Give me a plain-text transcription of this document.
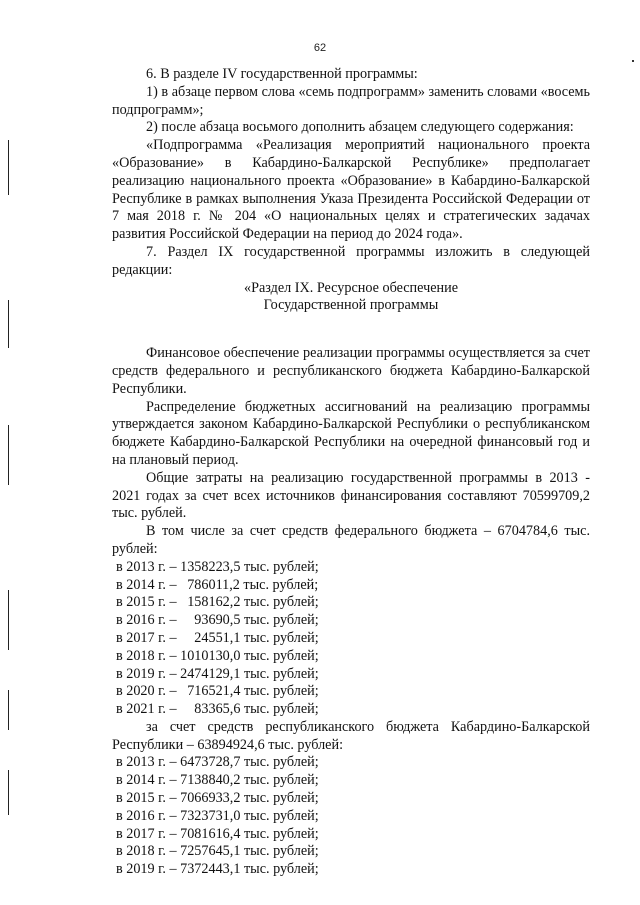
62

6. В разделе IV государственной программы:

1) в абзаце первом слова «семь подпрограмм» заменить словами «восемь подпрограмм»;

2) после абзаца восьмого дополнить абзацем следующего содержания:

«Подпрограмма «Реализация мероприятий национального проекта «Образование» в Кабардино-Балкарской Республике» предполагает реализацию национального проекта «Образование» в Кабардино-Балкарской Республике в рамках выполнения Указа Президента Российской Федерации от 7 мая 2018 г. № 204 «О национальных целях и стратегических задачах развития Российской Федерации на период до 2024 года».

7. Раздел IX государственной программы изложить в следующей редакции:

«Раздел IX. Ресурсное обеспечение

Государственной программы

Финансовое обеспечение реализации программы осуществляется за счет средств федерального и республиканского бюджета Кабардино-Балкарской Республики.

Распределение бюджетных ассигнований на реализацию программы утверждается законом Кабардино-Балкарской Республики о республиканском бюджете Кабардино-Балкарской Республики на очередной финансовый год и на плановый период.

Общие затраты на реализацию государственной программы в 2013 - 2021 годах за счет всех источников финансирования составляют 70599709,2 тыс. рублей.

В том числе за счет средств федерального бюджета – 6704784,6 тыс. рублей:

в 2013 г. – 1358223,5 тыс. рублей;
в 2014 г. –   786011,2 тыс. рублей;
в 2015 г. –   158162,2 тыс. рублей;
в 2016 г. –     93690,5 тыс. рублей;
в 2017 г. –     24551,1 тыс. рублей;
в 2018 г. – 1010130,0 тыс. рублей;
в 2019 г. – 2474129,1 тыс. рублей;
в 2020 г. –   716521,4 тыс. рублей;
в 2021 г. –     83365,6 тыс. рублей;

за счет средств республиканского бюджета Кабардино-Балкарской Республики – 63894924,6 тыс. рублей:

в 2013 г. – 6473728,7 тыс. рублей;
в 2014 г. – 7138840,2 тыс. рублей;
в 2015 г. – 7066933,2 тыс. рублей;
в 2016 г. – 7323731,0 тыс. рублей;
в 2017 г. – 7081616,4 тыс. рублей;
в 2018 г. – 7257645,1 тыс. рублей;
в 2019 г. – 7372443,1 тыс. рублей;
